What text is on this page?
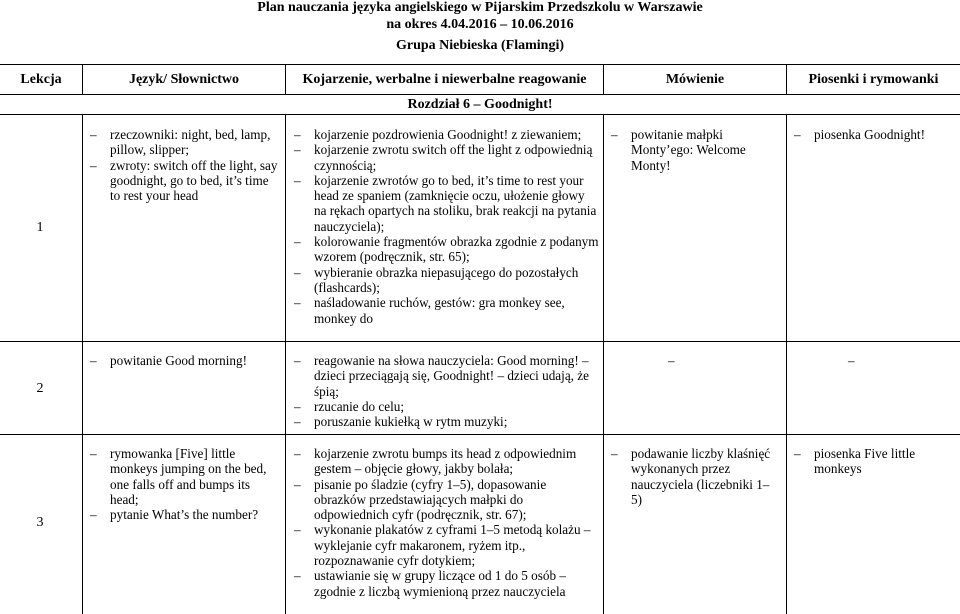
Plan nauczania języka angielskiego w Pijarskim Przedszkolu w Warszawie
na okres 4.04.2016 – 10.06.2016
Grupa Niebieska (Flamingi)
Lekcja	Język/ Słownictwo	Kojarzenie, werbalne i niewerbalne reagowanie	Mówienie	Piosenki i rymowanki
Rozdział 6 – Goodnight!
1
– rzeczowniki: night, bed, lamp, pillow, slipper;
– zwroty: switch off the light, say goodnight, go to bed, it’s time to rest your head
– kojarzenie pozdrowienia Goodnight! z ziewaniem;
– kojarzenie zwrotu switch off the light z odpowiednią czynnością;
– kojarzenie zwrotów go to bed, it’s time to rest your head ze spaniem (zamknięcie oczu, ułożenie głowy na rękach opartych na stoliku, brak reakcji na pytania nauczyciela);
– kolorowanie fragmentów obrazka zgodnie z podanym wzorem (podręcznik, str. 65);
– wybieranie obrazka niepasującego do pozostałych (flashcards);
– naśladowanie ruchów, gestów: gra monkey see, monkey do
– powitanie małpki Monty’ego: Welcome Monty!
– piosenka Goodnight!
2
– powitanie Good morning!
–	reagowanie na słowa nauczyciela: Good morning! – dzieci przeciągają się, Goodnight! – dzieci udają, że śpią;
– rzucanie do celu;
– poruszanie kukiełką w rytm muzyki;
–	–
3
– rymowanka [Five] little monkeys jumping on the bed, one falls off and bumps its head;
– pytanie What’s the number?
– kojarzenie zwrotu bumps its head z odpowiednim gestem – objęcie głowy, jakby bolała;
– pisanie po śladzie (cyfry 1–5), dopasowanie obrazków przedstawiających małpki do odpowiednich cyfr (podręcznik, str. 67);
– wykonanie plakatów z cyframi 1–5 metodą kolażu – wyklejanie cyfr makaronem, ryżem itp., rozpoznawanie cyfr dotykiem;
– ustawianie się w grupy liczące od 1 do 5 osób – zgodnie z liczbą wymienioną przez nauczyciela
– podawanie liczby klaśnięć wykonanych przez nauczyciela (liczebniki 1–5)
– piosenka Five little monkeys
